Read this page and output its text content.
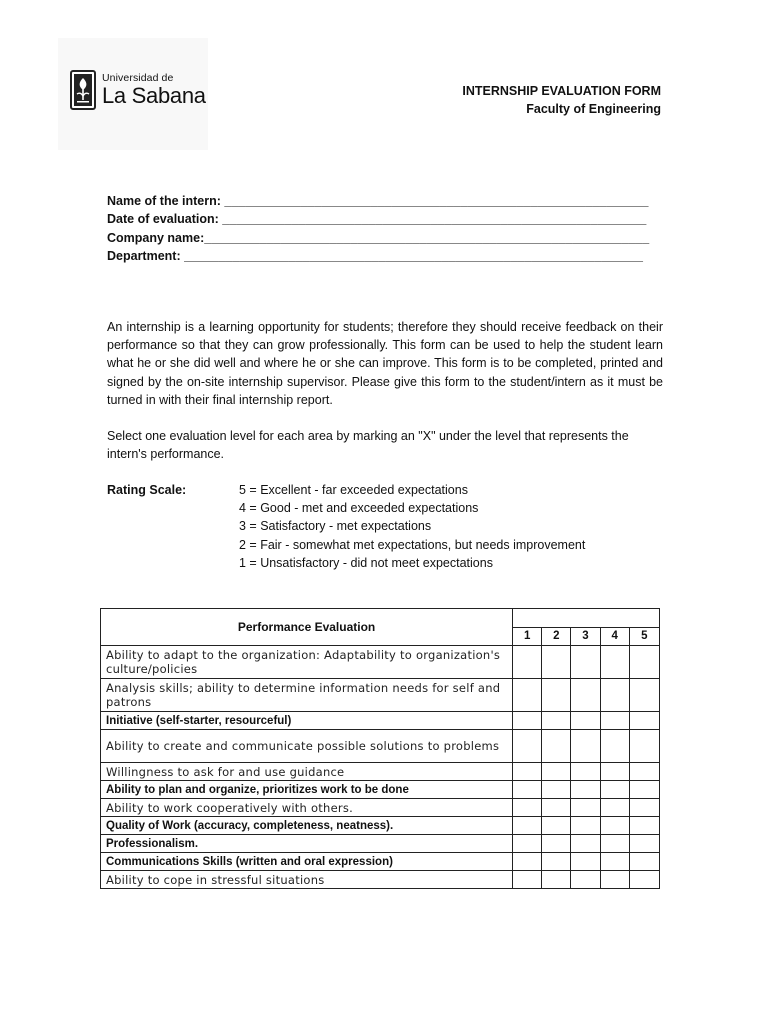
Universidad de
La Sabana	INTERNSHIP EVALUATION FORM
Faculty of Engineering
Name of the intern: _____________________________________________________________
Date of evaluation: _____________________________________________________________
Company name:________________________________________________________________
Department: __________________________________________________________________

An internship is a learning opportunity for students; therefore they should receive feedback on their performance so that they can grow professionally. This form can be used to help the student learn what he or she did well and where he or she can improve. This form is to be completed, printed and signed by the on-site internship supervisor. Please give this form to the student/intern as it must be turned in with their final internship report.

Select one evaluation level for each area by marking an "X" under the level that represents the intern's performance.

Rating Scale:	5 = Excellent - far exceeded expectations
4 = Good - met and exceeded expectations
3 = Satisfactory - met expectations
2 = Fair - somewhat met expectations, but needs improvement
1 = Unsatisfactory - did not meet expectations
Performance Evaluation					
	1	2	3	4	5
Ability to adapt to the organization: Adaptability to organization's culture/policies					
Analysis skills; ability to determine information needs for self and patrons					
Initiative (self-starter, resourceful)					
Ability to create and communicate possible solutions to problems					
Willingness to ask for and use guidance					
Ability to plan and organize, prioritizes work to be done					
Ability to work cooperatively with others.					
Quality of Work (accuracy, completeness, neatness).					
Professionalism.					
Communications Skills (written and oral expression)					
Ability to cope in stressful situations					
